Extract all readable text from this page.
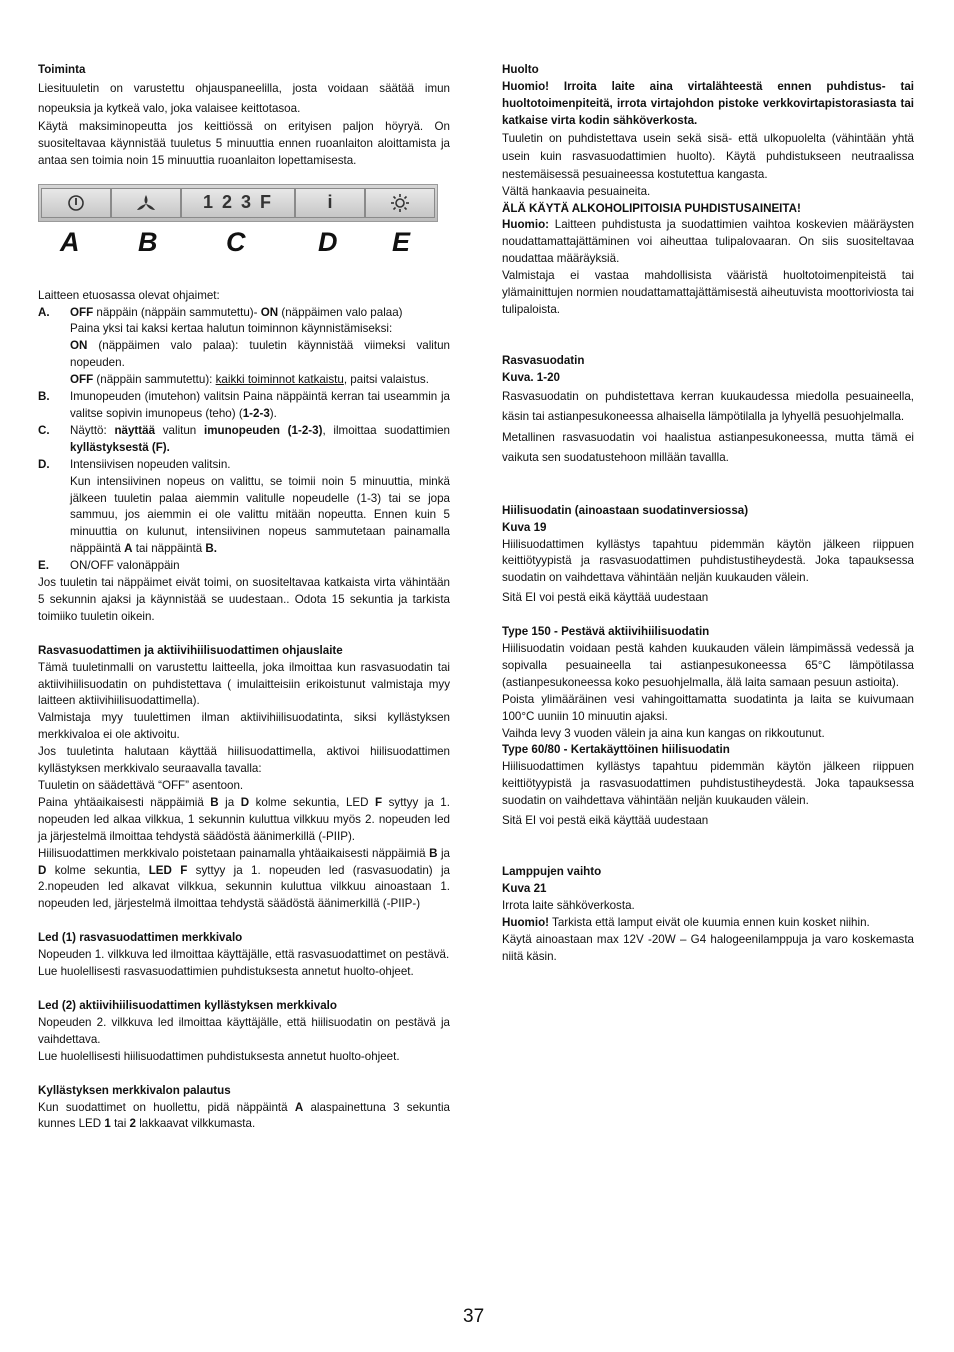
Toiminta

Liesituuletin on varustettu ohjauspaneelilla, josta voidaan säätää imun nopeuksia ja kytkeä valo, joka valaisee keittotasoa.

Käytä maksiminopeutta jos keittiössä on erityisen paljon höyryä. On suositeltavaa käynnistää tuuletus 5 minuuttia ennen ruoanlaiton aloittamista ja antaa sen toimia noin 15 minuuttia ruoanlaiton lopettamisesta.

1 2 3 F	i
A B	C	D E

Laitteen etuosassa olevat ohjaimet:

A.	OFF näppäin (näppäin sammutettu)- ON (näppäimen valo palaa)

Paina yksi tai kaksi kertaa halutun toiminnon käynnistämiseksi:

ON (näppäimen valo palaa): tuuletin käynnistää viimeksi valitun nopeuden.

OFF (näppäin sammutettu): kaikki toiminnot katkaistu, paitsi valaistus.

B.	Imunopeuden (imutehon) valitsin Paina näppäintä kerran tai useammin ja valitse sopivin imunopeus (teho) (1-2-3).
C.	Näyttö: näyttää valitun imunopeuden (1-2-3), ilmoittaa suodattimien kyllästyksestä (F).
D.	Intensiivisen nopeuden valitsin.

Kun intensiivinen nopeus on valittu, se toimii noin 5 minuuttia, minkä jälkeen tuuletin palaa aiemmin valitulle nopeudelle (1-3) tai se jopa sammuu, jos aiemmin ei ole valittu mitään nopeutta. Ennen kuin 5 minuuttia on kulunut, intensiivinen nopeus sammutetaan painamalla näppäintä A tai näppäintä B.

E.	ON/OFF valonäppäin

Jos tuuletin tai näppäimet eivät toimi, on suositeltavaa katkaista virta vähintään 5 sekunnin ajaksi ja käynnistää se uudestaan.. Odota 15 sekuntia ja tarkista toimiiko tuuletin oikein.

Rasvasuodattimen ja aktiivihiilisuodattimen ohjauslaite

Tämä tuuletinmalli on varustettu laitteella, joka ilmoittaa kun rasvasuodatin tai aktiivihiilisuodatin on puhdistettava ( imulaitteisiin erikoistunut valmistaja myy laitteen aktiivihiilisuodattimella).

Valmistaja myy tuulettimen ilman aktiivihiilisuodatinta, siksi kyllästyksen merkkivaloa ei ole aktivoitu.

Jos tuuletinta halutaan käyttää hiilisuodattimella, aktivoi hiilisuodattimen kyllästyksen merkkivalo seuraavalla tavalla:

Tuuletin on säädettävä “OFF” asentoon.

Paina yhtäaikaisesti näppäimiä B ja D kolme sekuntia, LED F syttyy ja 1. nopeuden led alkaa vilkkua, 1 sekunnin kuluttua vilkkuu myös 2. nopeuden led ja järjestelmä ilmoittaa tehdystä säädöstä äänimerkillä (-PIIP).

Hiilisuodattimen merkkivalo poistetaan painamalla yhtäaikaisesti näppäimiä B ja D kolme sekuntia, LED F syttyy ja 1. nopeuden led (rasvasuodatin) ja 2.nopeuden led alkavat vilkkua, sekunnin kuluttua vilkkuu ainoastaan 1. nopeuden led, järjestelmä ilmoittaa tehdystä säädöstä äänimerkillä (-PIIP-)

Led (1) rasvasuodattimen merkkivalo

Nopeuden 1. vilkkuva led ilmoittaa käyttäjälle, että rasvasuodattimet on pestävä.

Lue huolellisesti rasvasuodattimien puhdistuksesta annetut huolto-ohjeet.

Led (2) aktiivihiilisuodattimen kyllästyksen merkkivalo

Nopeuden 2. vilkkuva led ilmoittaa käyttäjälle, että hiilisuodatin on pestävä ja vaihdettava.

Lue huolellisesti hiilisuodattimen puhdistuksesta annetut huolto-ohjeet.

Kyllästyksen merkkivalon palautus

Kun suodattimet on huollettu, pidä näppäintä A alaspainettuna 3 sekuntia kunnes LED 1 tai 2 lakkaavat vilkkumasta.

Huolto

Huomio! Irroita laite aina virtalähteestä ennen puhdistus- tai huoltotoimenpiteitä, irrota virtajohdon pistoke verkkovirtapistorasiasta tai katkaise virta kodin sähköverkosta.

Tuuletin on puhdistettava usein sekä sisä- että ulkopuolelta (vähintään yhtä usein kuin rasvasuodattimien huolto). Käytä puhdistukseen neutraalissa nestemäisessä pesuaineessa kostutettua kangasta.

Vältä hankaavia pesuaineita.

ÄLÄ KÄYTÄ ALKOHOLIPITOISIA PUHDISTUSAINEITA!

Huomio: Laitteen puhdistusta ja suodattimien vaihtoa koskevien määräysten noudattamattajättäminen voi aiheuttaa tulipalovaaran. On siis suositeltavaa noudattaa määräyksiä.

Valmistaja ei vastaa mahdollisista vääristä huoltotoimenpiteistä tai ylämainittujen normien noudattamattajättämisestä aiheutuvista moottoriviosta tai tulipaloista.

Rasvasuodatin

Kuva. 1-20

Rasvasuodatin on puhdistettava kerran kuukaudessa miedolla pesuaineella, käsin tai astianpesukoneessa alhaisella lämpötilalla ja lyhyellä pesuohjelmalla.

Metallinen rasvasuodatin voi haalistua astianpesukoneessa, mutta tämä ei vaikuta sen suodatustehoon millään tavallla.

Hiilisuodatin (ainoastaan suodatinversiossa)

Kuva 19

Hiilisuodattimen kyllästys tapahtuu pidemmän käytön jälkeen riippuen keittiötyypistä ja rasvasuodattimen puhdistustiheydestä. Joka tapauksessa suodatin on vaihdettava vähintään neljän kuukauden välein.

Sitä EI voi pestä eikä käyttää uudestaan

Type 150 - Pestävä aktiivihiilisuodatin

Hiilisuodatin voidaan pestä kahden kuukauden välein lämpimässä vedessä ja sopivalla pesuaineella tai astianpesukoneessa 65°C lämpötilassa (astianpesukoneessa koko pesuohjelmalla, älä laita samaan pesuun astioita).

Poista ylimääräinen vesi vahingoittamatta suodatinta ja laita se kuivumaan 100°C uuniin 10 minuutin ajaksi.

Vaihda levy 3 vuoden välein ja aina kun kangas on rikkoutunut.

Type 60/80 - Kertakäyttöinen hiilisuodatin

Hiilisuodattimen kyllästys tapahtuu pidemmän käytön jälkeen riippuen keittiötyypistä ja rasvasuodattimen puhdistustiheydestä. Joka tapauksessa suodatin on vaihdettava vähintään neljän kuukauden välein.

Sitä EI voi pestä eikä käyttää uudestaan

Lamppujen vaihto

Kuva 21

Irrota laite sähköverkosta.

Huomio! Tarkista että lamput eivät ole kuumia ennen kuin kosket niihin.

Käytä ainoastaan max 12V -20W – G4 halogeenilamppuja ja varo koskemasta niitä käsin.

37
